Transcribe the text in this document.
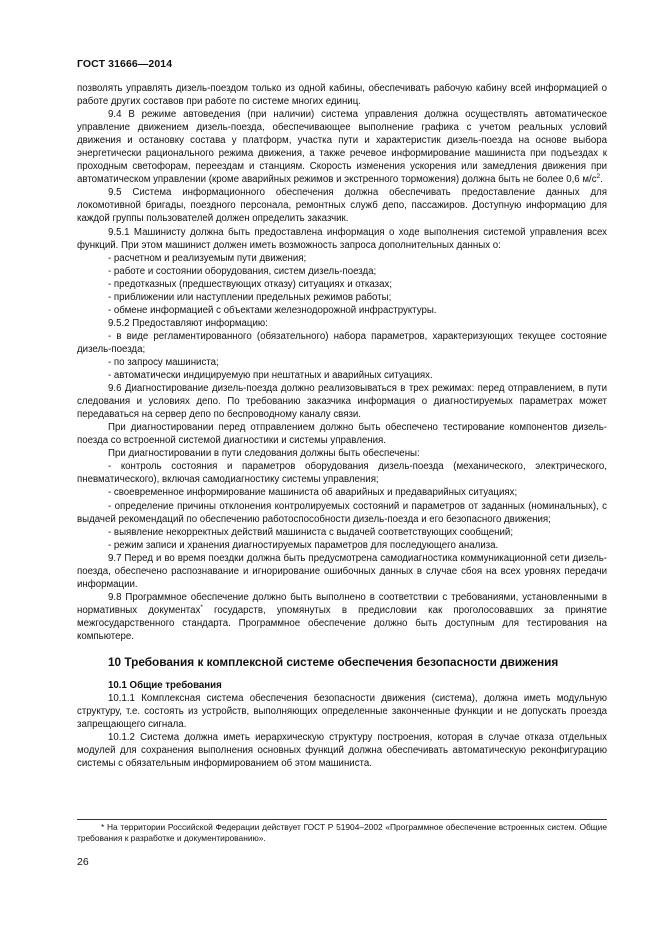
ГОСТ 31666—2014

позволять управлять дизель-поездом только из одной кабины, обеспечивать рабочую кабину всей информацией о работе других составов при работе по системе многих единиц.

9.4 В режиме автоведения (при наличии) система управления должна осуществлять автоматическое управление движением дизель-поезда, обеспечивающее выполнение графика с учетом реальных условий движения и остановку состава у платформ, участка пути и характеристик дизель-поезда на основе выбора энергетически рационального режима движения, а также речевое информирование машиниста при подъездах к проходным светофорам, переездам и станциям. Скорость изменения ускорения или замедления движения при автоматическом управлении (кроме аварийных режимов и экстренного торможения) должна быть не более 0,6 $м/с^2$.

9.5 Система информационного обеспечения должна обеспечивать предоставление данных для локомотивной бригады, поездного персонала, ремонтных служб депо, пассажиров. Доступную информацию для каждой группы пользователей должен определить заказчик.

9.5.1 Машинисту должна быть предоставлена информация о ходе выполнения системой управления всех функций. При этом машинист должен иметь возможность запроса дополнительных данных о:

- расчетном и реализуемым пути движения;

- работе и состоянии оборудования, систем дизель-поезда;

- предотказных (предшествующих отказу) ситуациях и отказах;

- приближении или наступлении предельных режимов работы;

- обмене информацией с объектами железнодорожной инфраструктуры.

9.5.2 Предоставляют информацию:

- в виде регламентированного (обязательного) набора параметров, характеризующих текущее состояние дизель-поезда;

- по запросу машиниста;

- автоматически индицируемую при нештатных и аварийных ситуациях.

9.6 Диагностирование дизель-поезда должно реализовываться в трех режимах: перед отправлением, в пути следования и условиях депо. По требованию заказчика информация о диагностируемых параметрах может передаваться на сервер депо по беспроводному каналу связи.

При диагностировании перед отправлением должно быть обеспечено тестирование компонентов дизель-поезда со встроенной системой диагностики и системы управления.

При диагностировании в пути следования должны быть обеспечены:

- контроль состояния и параметров оборудования дизель-поезда (механического, электрического, пневматического), включая самодиагностику системы управления;

- своевременное информирование машиниста об аварийных и предаварийных ситуациях;

- определение причины отклонения контролируемых состояний и параметров от заданных (номинальных), с выдачей рекомендаций по обеспечению работоспособности дизель-поезда и его безопасного движения;

- выявление некорректных действий машиниста с выдачей соответствующих сообщений;

- режим записи и хранения диагностируемых параметров для последующего анализа.

9.7 Перед и во время поездки должна быть предусмотрена самодиагностика коммуникационной сети дизель-поезда, обеспечено распознавание и игнорирование ошибочных данных в случае сбоя на всех уровнях передачи информации.

9.8 Программное обеспечение должно быть выполнено в соответствии с требованиями, установленными в нормативных документах* государств, упомянутых в предисловии как проголосовавших за принятие межгосударственного стандарта. Программное обеспечение должно быть доступным для тестирования на компьютере.

10 Требования к комплексной системе обеспечения безопасности движения

10.1 Общие требования

10.1.1 Комплексная система обеспечения безопасности движения (система), должна иметь модульную структуру, т.е. состоять из устройств, выполняющих определенные законченные функции и не допускать проезда запрещающего сигнала.

10.1.2 Система должна иметь иерархическую структуру построения, которая в случае отказа отдельных модулей для сохранения выполнения основных функций должна обеспечивать автоматическую реконфигурацию системы с обязательным информированием об этом машиниста.

* На территории Российской Федерации действует ГОСТ Р 51904–2002 «Программное обеспечение встроенных систем. Общие требования к разработке и документированию».

26
